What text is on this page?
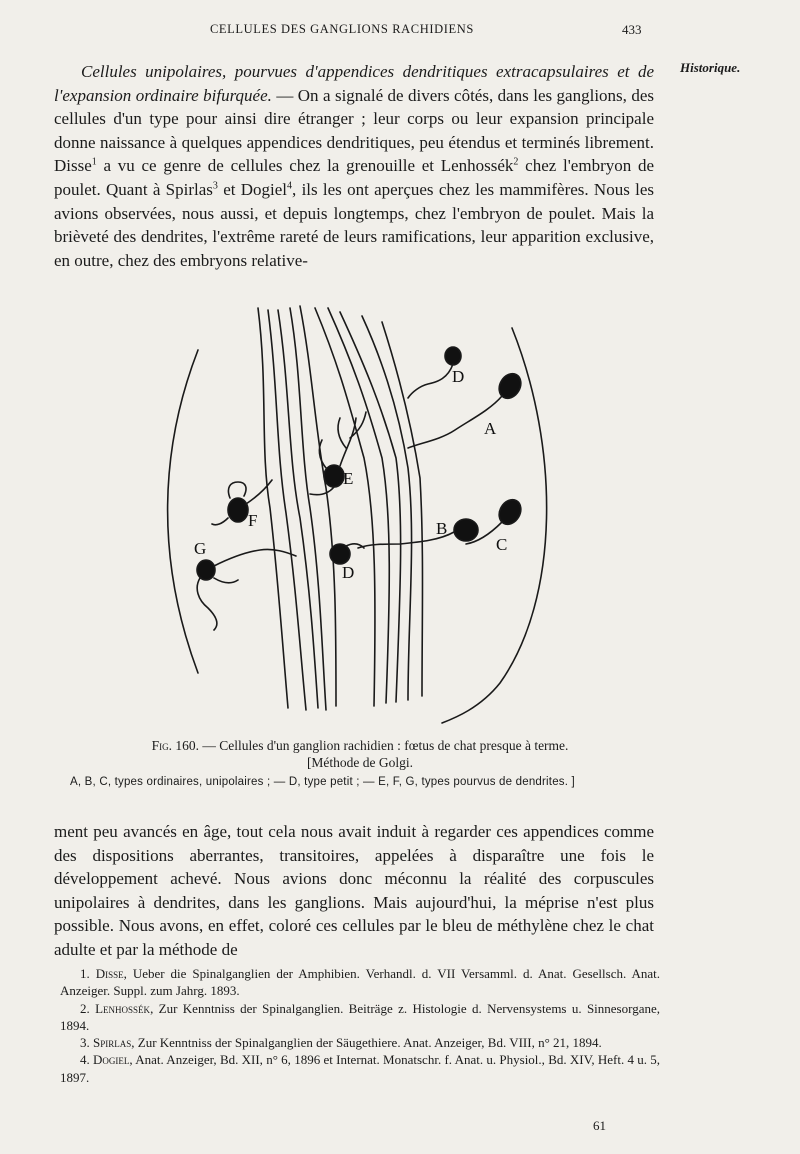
CELLULES DES GANGLIONS RACHIDIENS	433
Historique.

Cellules unipolaires, pourvues d'appendices dendritiques extracapsulaires et de l'expansion ordinaire bifurquée. — On a signalé de divers côtés, dans les ganglions, des cellules d'un type pour ainsi dire étranger ; leur corps ou leur expansion principale donne naissance à quelques appendices dendritiques, peu étendus et terminés librement. Disse$^1$ a vu ce genre de cellules chez la grenouille et Lenhossék$^2$ chez l'embryon de poulet. Quant à Spirlas$^3$ et Dogiel$^4$, ils les ont aperçues chez les mammifères. Nous les avions observées, nous aussi, et depuis longtemps, chez l'embryon de poulet. Mais la brièveté des dendrites, l'extrême rareté de leurs ramifications, leur apparition exclusive, en outre, chez des embryons relative-

D
A
E
F	B
C
G
D
Fig. 160. — Cellules d'un ganglion rachidien : fœtus de chat presque à terme.
[Méthode de Golgi.
A, B, C, types ordinaires, unipolaires ; — D, type petit ; — E, F, G, types pourvus de dendrites. ]

ment peu avancés en âge, tout cela nous avait induit à regarder ces appendices comme des dispositions aberrantes, transitoires, appelées à disparaître une fois le développement achevé. Nous avions donc méconnu la réalité des corpuscules unipolaires à dendrites, dans les ganglions. Mais aujourd'hui, la méprise n'est plus possible. Nous avons, en effet, coloré ces cellules par le bleu de méthylène chez le chat adulte et par la méthode de

1. Disse, Ueber die Spinalganglien der Amphibien. Verhandl. d. VII Versamml. d. Anat. Gesellsch. Anat. Anzeiger. Suppl. zum Jahrg. 1893.

2. Lenhossék, Zur Kenntniss der Spinalganglien. Beiträge z. Histologie d. Nervensystems u. Sinnesorgane, 1894.

3. Spirlas, Zur Kenntniss der Spinalganglien der Säugethiere. Anat. Anzeiger, Bd. VIII, n° 21, 1894.

4. Dogiel, Anat. Anzeiger, Bd. XII, n° 6, 1896 et Internat. Monatschr. f. Anat. u. Physiol., Bd. XIV, Heft. 4 u. 5, 1897.

61
